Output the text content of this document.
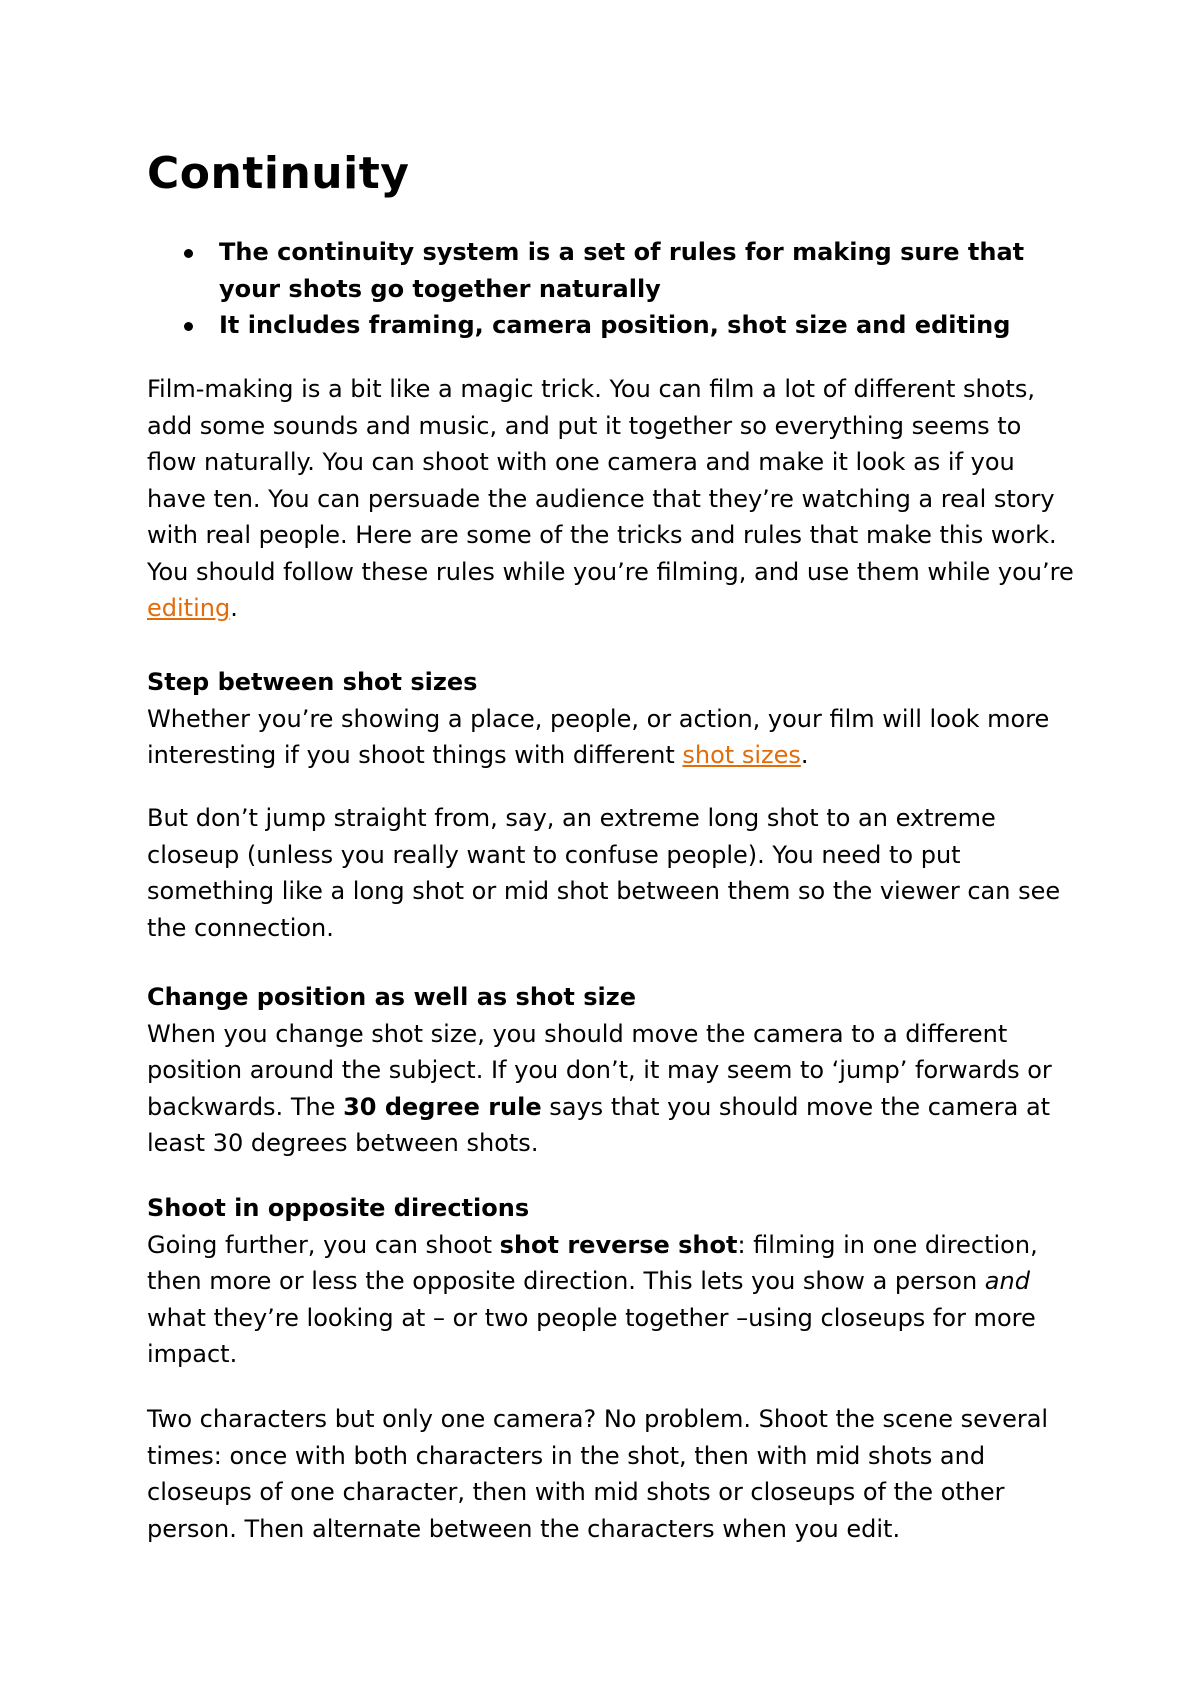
Continuity
The continuity system is a set of rules for making sure that your shots go together naturally
It includes framing, camera position, shot size and editing

Film-making is a bit like a magic trick. You can film a lot of different shots, add some sounds and music, and put it together so everything seems to flow naturally. You can shoot with one camera and make it look as if you have ten. You can persuade the audience that they’re watching a real story with real people. Here are some of the tricks and rules that make this work. You should follow these rules while you’re filming, and use them while you’re editing.

Step between shot sizes
Whether you’re showing a place, people, or action, your film will look more interesting if you shoot things with different shot sizes.

But don’t jump straight from, say, an extreme long shot to an extreme closeup (unless you really want to confuse people). You need to put something like a long shot or mid shot between them so the viewer can see the connection.

Change position as well as shot size
When you change shot size, you should move the camera to a different position around the subject. If you don’t, it may seem to ‘jump’ forwards or backwards. The 30 degree rule says that you should move the camera at least 30 degrees between shots.

Shoot in opposite directions
Going further, you can shoot shot reverse shot: filming in one direction, then more or less the opposite direction. This lets you show a person and what they’re looking at – or two people together –using closeups for more impact.

Two characters but only one camera? No problem. Shoot the scene several times: once with both characters in the shot, then with mid shots and closeups of one character, then with mid shots or closeups of the other person. Then alternate between the characters when you edit.
